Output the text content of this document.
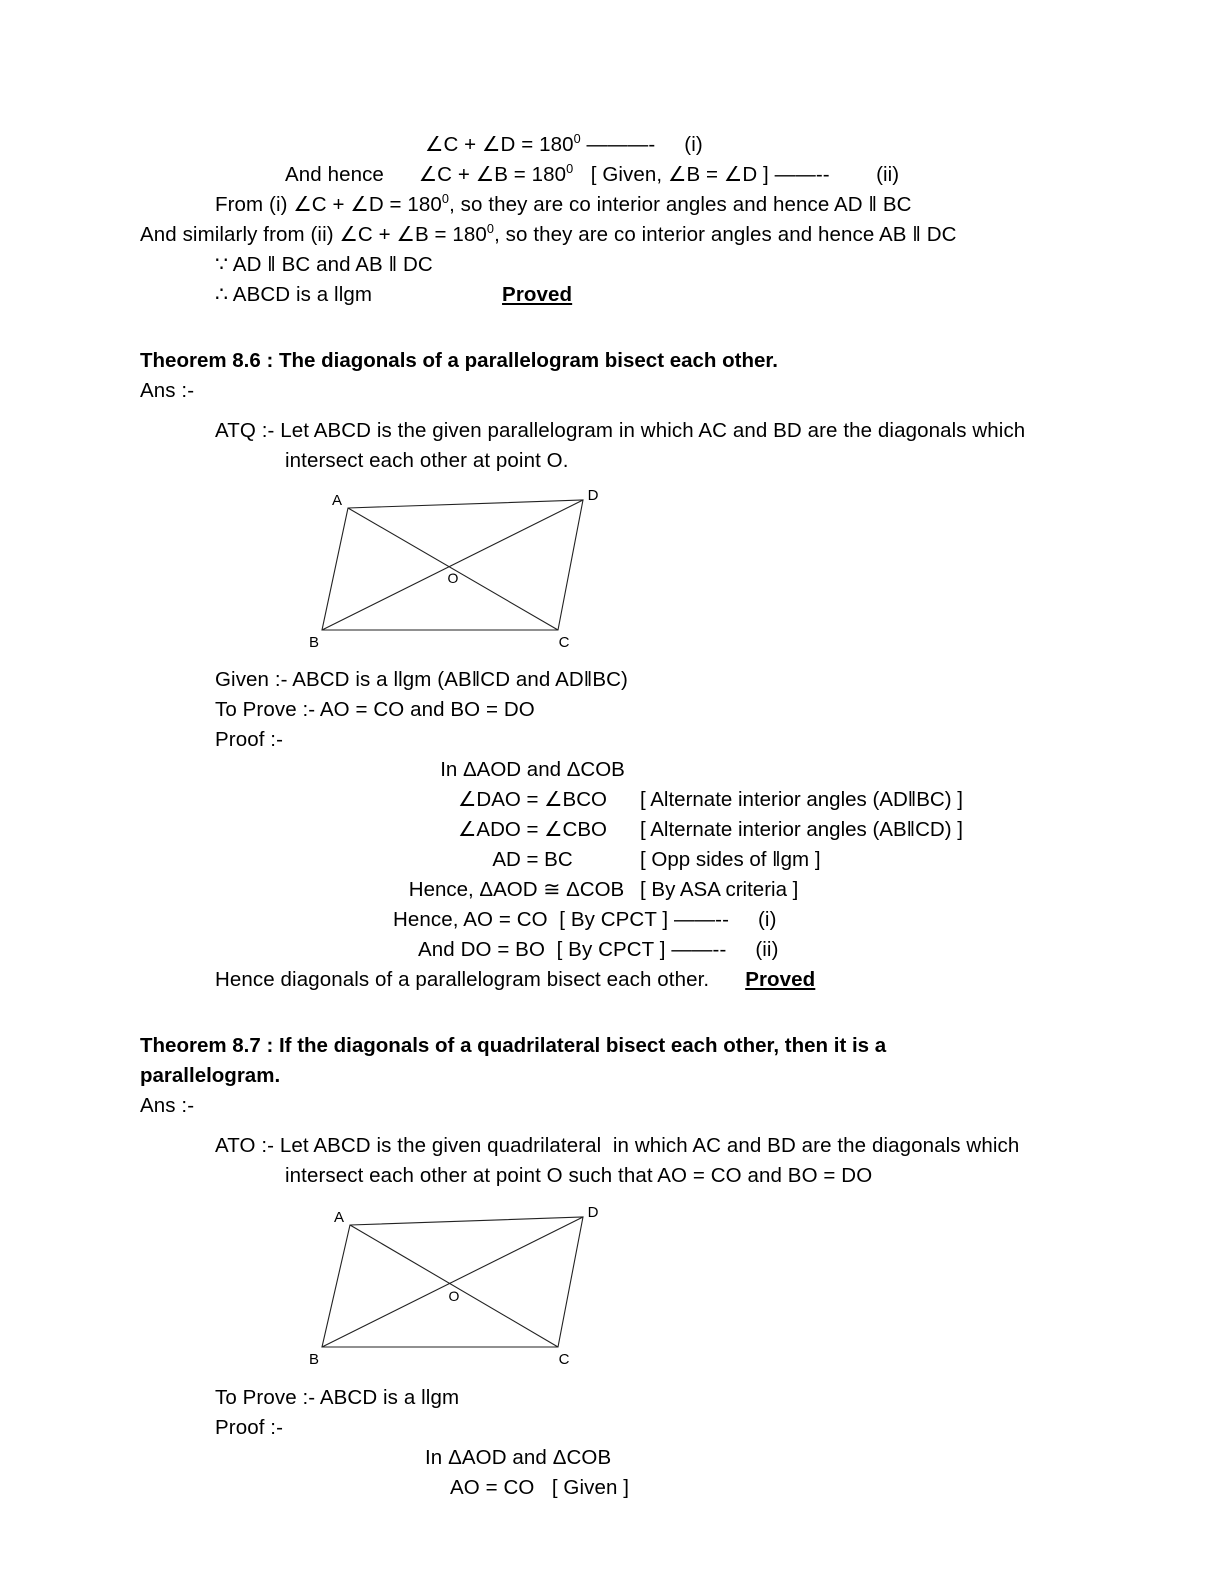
∠C + ∠D = $180^0$ ———-     (i)
And hence      ∠C + ∠B = $180^0$   [ Given, ∠B = ∠D ] ——--        (ii)
From (i) ∠C + ∠D = $180^0$, so they are co interior angles and hence AD ‖ BC
And similarly from (ii) ∠C + ∠B = $180^0$, so they are co interior angles and hence AB ‖ DC
∵ AD ‖ BC and AB ‖ DC
∴ ABCD is a llgm	Proved
Theorem 8.6 : The diagonals of a parallelogram bisect each other.
Ans :-
ATQ :- Let ABCD is the given parallelogram in which AC and BD are the diagonals which
intersect each other at point O.
A	D
C
B
O
Given :- ABCD is a llgm (AB‖CD and AD‖BC)
To Prove :- AO = CO and BO = DO
Proof :-
In ΔAOD and ΔCOB
∠DAO = ∠BCO	[ Alternate interior angles (AD‖BC) ]
∠ADO = ∠CBO	[ Alternate interior angles (AB‖CD) ]
AD = BC	[ Opp sides of ‖gm ]
Hence, ΔAOD ≅ ΔCOB [ By ASA criteria ]
Hence, AO = CO  [ By CPCT ] ——--     (i)
And DO = BO  [ By CPCT ] ——--     (ii)
Hence diagonals of a parallelogram bisect each other. Proved
Theorem 8.7 : If the diagonals of a quadrilateral bisect each other, then it is a
parallelogram.
Ans :-
ATO :- Let ABCD is the given quadrilateral  in which AC and BD are the diagonals which
intersect each other at point O such that AO = CO and BO = DO
A	D
C
B
O
To Prove :- ABCD is a llgm
Proof :-
In ΔAOD and ΔCOB
AO = CO   [ Given ]
